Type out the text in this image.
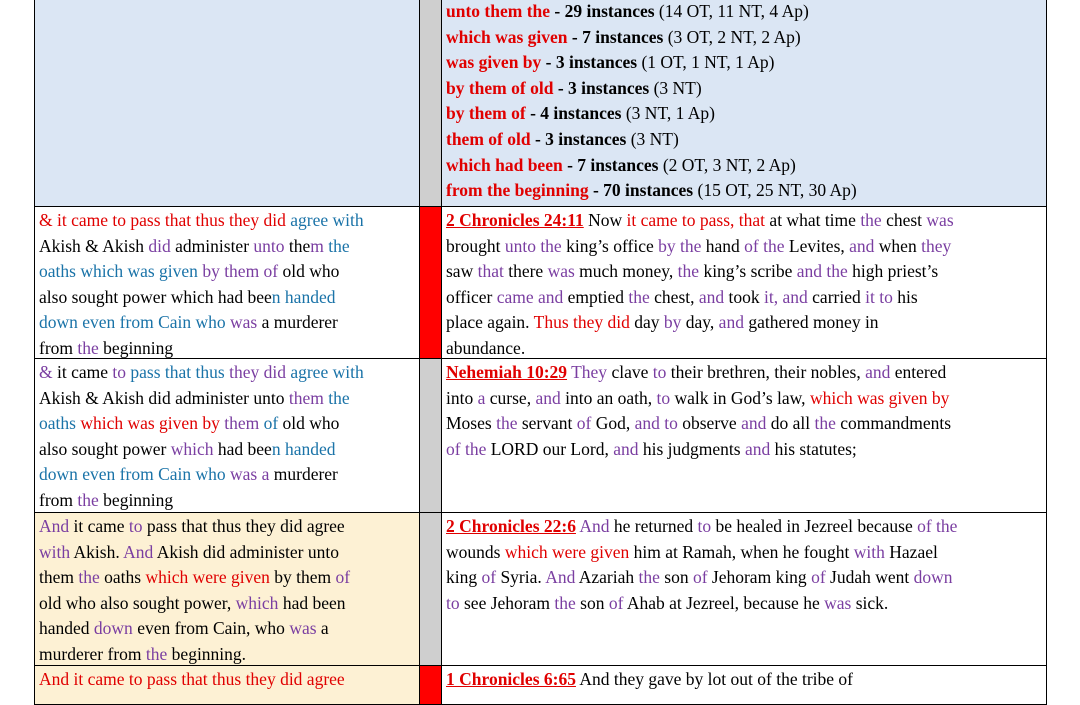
unto them the - 29 instances (14 OT, 11 NT, 4 Ap)
which was given - 7 instances (3 OT, 2 NT, 2 Ap)
was given by - 3 instances (1 OT, 1 NT, 1 Ap)
by them of old - 3 instances (3 NT)
by them of - 4 instances (3 NT, 1 Ap)
them of old - 3 instances (3 NT)
which had been - 7 instances (2 OT, 3 NT, 2 Ap)
from the beginning - 70 instances (15 OT, 25 NT, 30 Ap)
& it came to pass that thus they did agree with
Akish & Akish did administer unto them the
oaths which was given by them of old who
also sought power which had been handed
down even from Cain who was a murderer
from the beginning
2 Chronicles 24:11 Now it came to pass, that at what time the chest was
brought unto the king’s office by the hand of the Levites, and when they
saw that there was much money, the king’s scribe and the high priest’s
officer came and emptied the chest, and took it, and carried it to his
place again. Thus they did day by day, and gathered money in
abundance.
& it came to pass that thus they did agree with
Akish & Akish did administer unto them the
oaths which was given by them of old who
also sought power which had been handed
down even from Cain who was a murderer
from the beginning
Nehemiah 10:29 They clave to their brethren, their nobles, and entered
into a curse, and into an oath, to walk in God’s law, which was given by
Moses the servant of God, and to observe and do all the commandments
of the LORD our Lord, and his judgments and his statutes;
And it came to pass that thus they did agree
with Akish. And Akish did administer unto
them the oaths which were given by them of
old who also sought power, which had been
handed down even from Cain, who was a
murderer from the beginning.
2 Chronicles 22:6 And he returned to be healed in Jezreel because of the
wounds which were given him at Ramah, when he fought with Hazael
king of Syria. And Azariah the son of Jehoram king of Judah went down
to see Jehoram the son of Ahab at Jezreel, because he was sick.
And it came to pass that thus they did agree	1 Chronicles 6:65 And they gave by lot out of the tribe of
